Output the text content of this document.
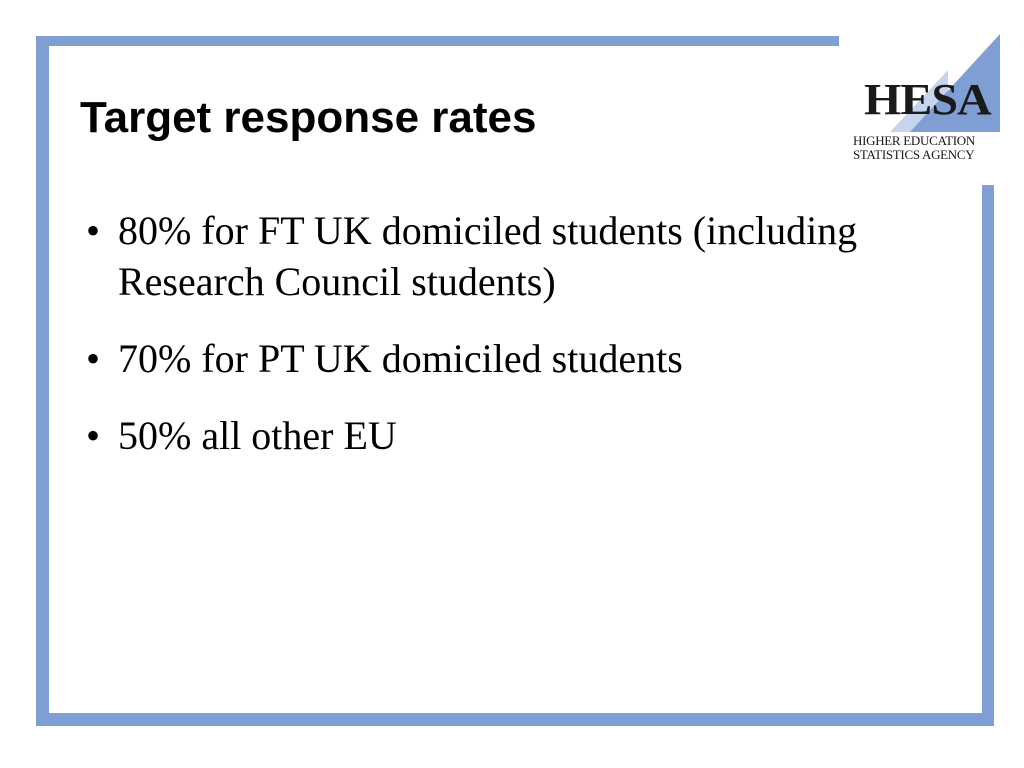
Target response rates
• 80% for FT UK domiciled students (including Research Council students)
• 70% for PT UK domiciled students
• 50% all other EU
HESA
HIGHER EDUCATION
STATISTICS AGENCY
